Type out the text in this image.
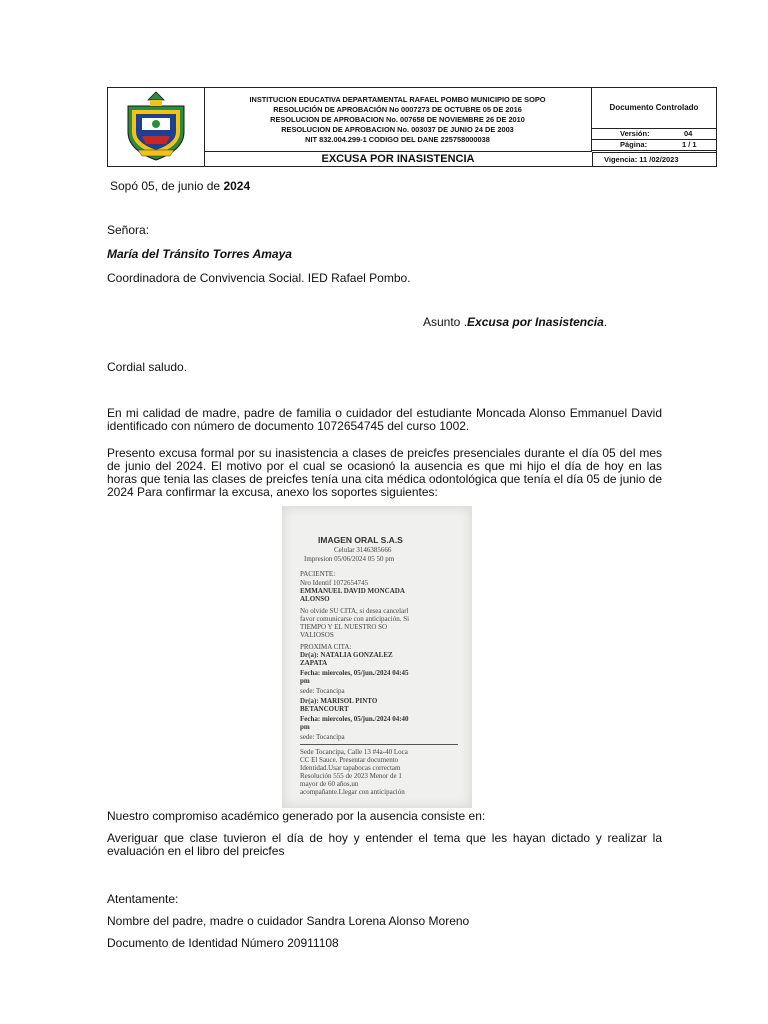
INSTITUCION EDUCATIVA DEPARTAMENTAL RAFAEL POMBO MUNICIPIO DE SOPO
RESOLUCIÓN DE APROBACIÓN No 0007273 DE OCTUBRE 05 DE 2016
RESOLUCION DE APROBACION No. 007658 DE NOVIEMBRE 26 DE 2010
RESOLUCION DE APROBACION No. 003037 DE JUNIO 24 DE 2003
NIT 832.004.299-1 CODIGO DEL DANE 225758000038
EXCUSA POR INASISTENCIA
Documento Controlado
Versión:	04
Página:	1 / 1
Vigencia: 11 /02/2023
Sopó 05, de junio de 2024
Señora:
María del Tránsito Torres Amaya
Coordinadora de Convivencia Social. IED Rafael Pombo.
Asunto .Excusa por Inasistencia.
Cordial saludo.
En mi calidad de madre, padre de familia o cuidador del estudiante Moncada Alonso Emmanuel David identificado con número de documento 1072654745 del curso 1002.
Presento excusa formal por su inasistencia a clases de preicfes presenciales durante el día 05 del mes de junio del 2024. El motivo por el cual se ocasionó la ausencia es que mi hijo el día de hoy en las horas que tenia las clases de preicfes tenía una cita médica odontológica que tenía el día 05 de junio de 2024 Para confirmar la excusa, anexo los soportes siguientes:
IMAGEN ORAL S.A.S
Celular 3146385666
Impresion 05/06/2024 05 50 pm
PACIENTE:
Nro Identif 1072654745
EMMANUEL DAVID MONCADA
ALONSO
No olvide SU CITA, si desea cancelarl
favor comunicarse con anticipación. Si
TIEMPO Y EL NUESTRO SO
VALIOSOS
PROXIMA CITA:
Dr(a): NATALIA GONZALEZ
ZAPATA
Fecha: miercoles, 05/jun./2024 04:45
pm
sede: Tocancipa
Dr(a): MARISOL PINTO
BETANCOURT
Fecha: miercoles, 05/jun./2024 04:40
pm
sede: Tocancipa
Sede Tocancipa, Calle 13 #4a-40 Loca
CC El Sauce. Presentar documento
Identidad.Usar tapabocas correctam
Resolución 555 de 2023 Menor de 1
mayor de 60 años,un
acompañante.Llegar con anticipación
Nuestro compromiso académico generado por la ausencia consiste en:
Averiguar que clase tuvieron el día de hoy y entender el tema que les hayan dictado y realizar la evaluación en el libro del preicfes
Atentamente:
Nombre del padre, madre o cuidador Sandra Lorena Alonso Moreno
Documento de Identidad Número 20911108
